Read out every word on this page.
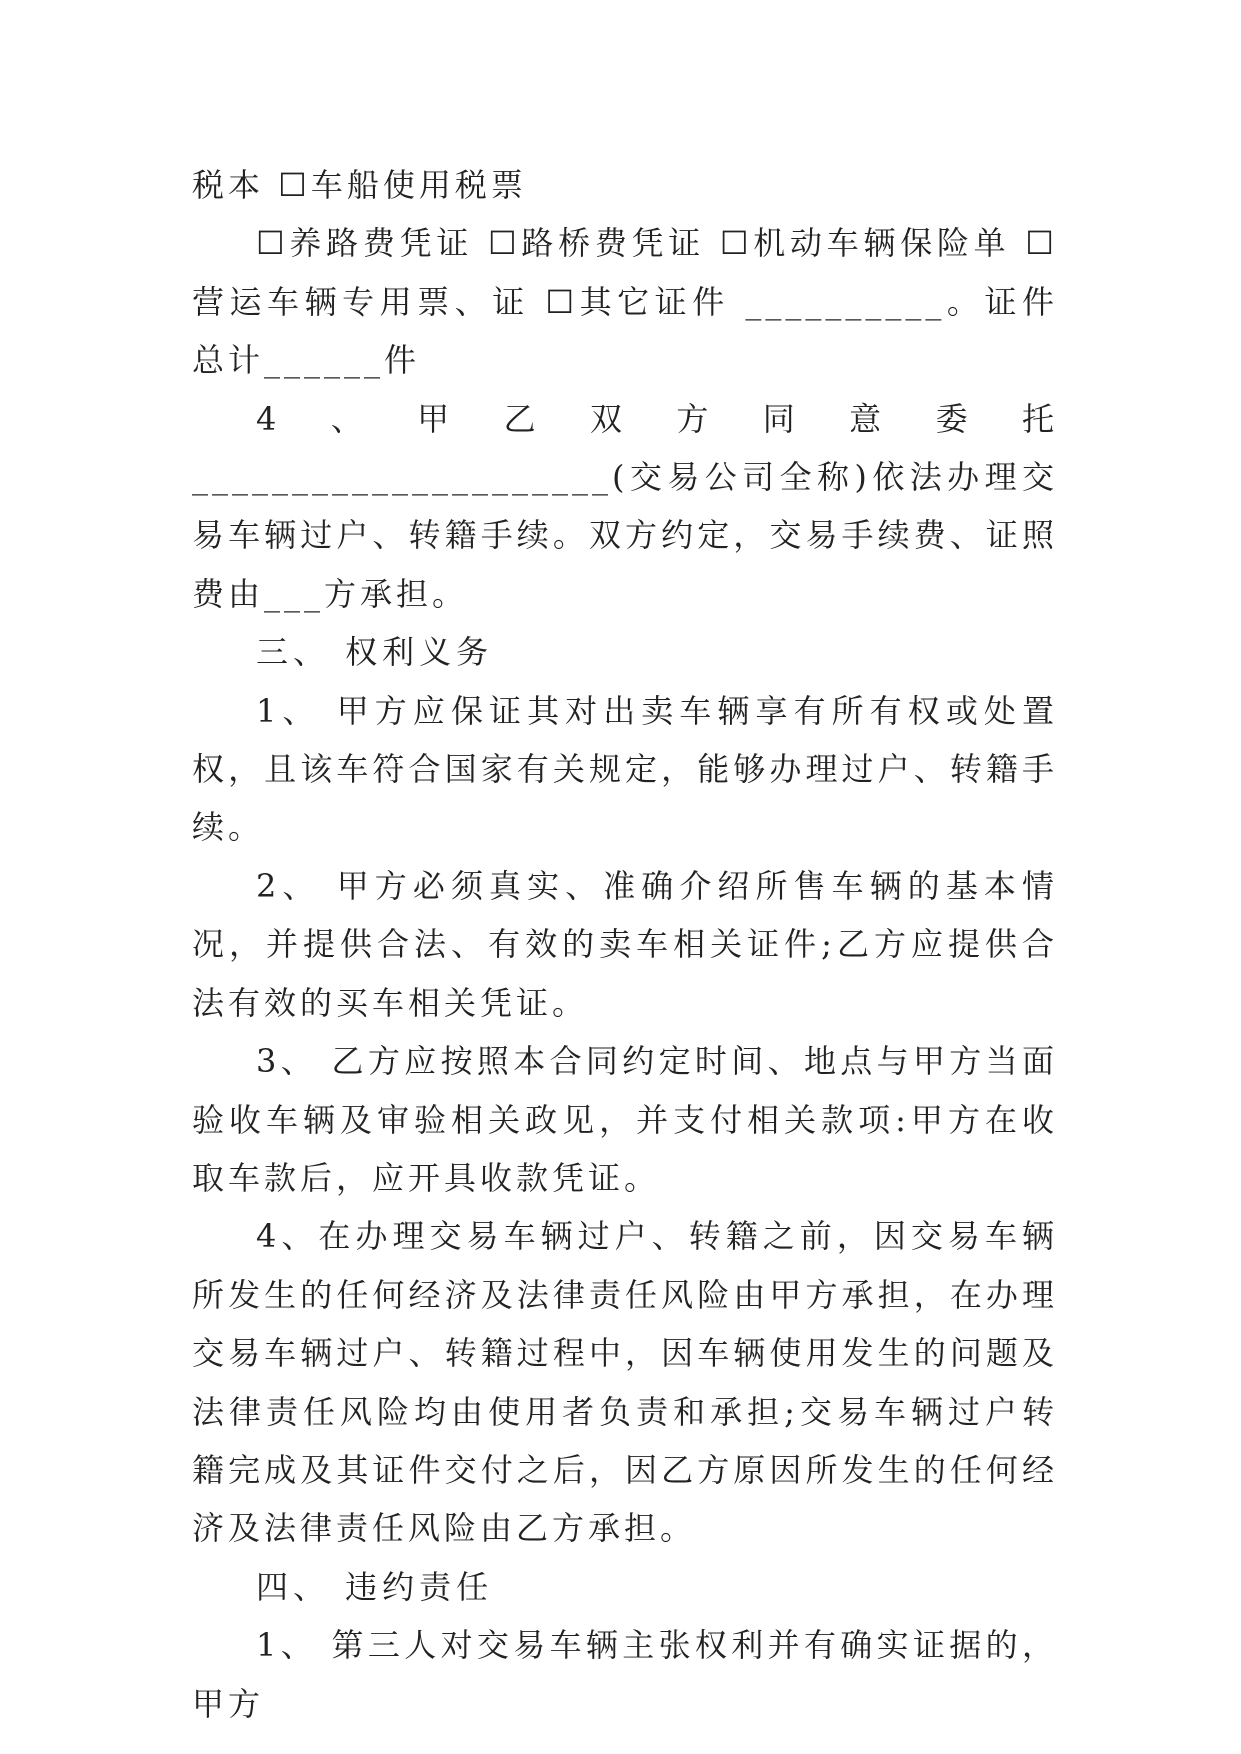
税本 ☐车船使用税票

☐养路费凭证 ☐路桥费凭证 ☐机动车辆保险单 ☐营运车辆专用票、证 ☐其它证件 __________。证件总计______件

4、甲乙双方同意委托_____________________(交易公司全称)依法办理交易车辆过户、转籍手续。双方约定，交易手续费、证照费由___方承担。

三、 权利义务

1、 甲方应保证其对出卖车辆享有所有权或处置权，且该车符合国家有关规定，能够办理过户、转籍手续。

2、 甲方必须真实、准确介绍所售车辆的基本情况，并提供合法、有效的卖车相关证件;乙方应提供合法有效的买车相关凭证。

3、 乙方应按照本合同约定时间、地点与甲方当面验收车辆及审验相关政见，并支付相关款项:甲方在收取车款后，应开具收款凭证。

4、在办理交易车辆过户、转籍之前，因交易车辆所发生的任何经济及法律责任风险由甲方承担，在办理交易车辆过户、转籍过程中，因车辆使用发生的问题及法律责任风险均由使用者负责和承担;交易车辆过户转籍完成及其证件交付之后，因乙方原因所发生的任何经济及法律责任风险由乙方承担。

四、 违约责任

1、 第三人对交易车辆主张权利并有确实证据的，甲方
